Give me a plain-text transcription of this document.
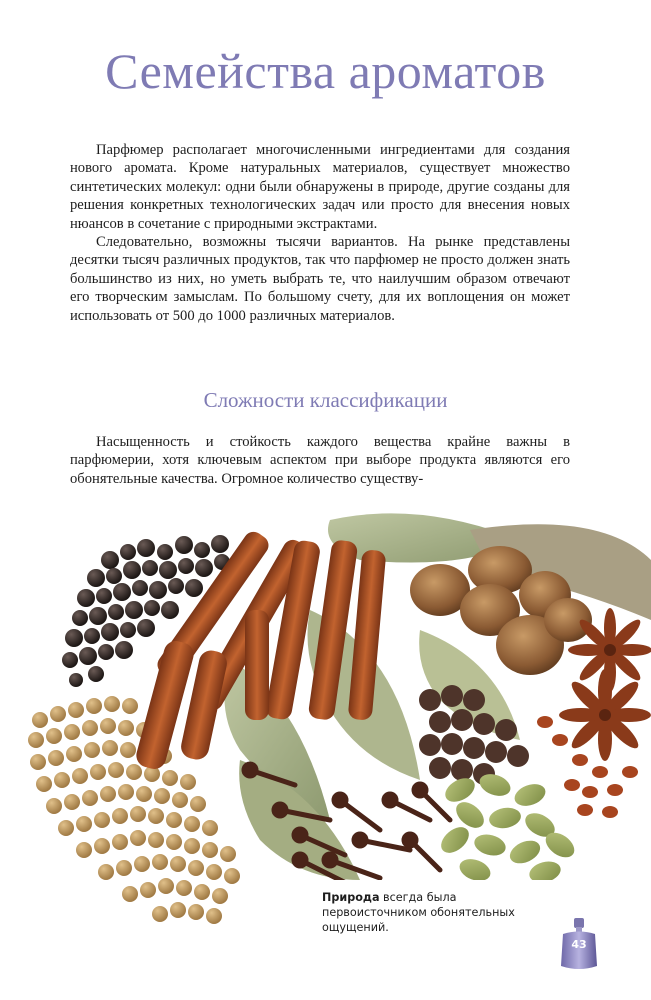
Семейства ароматов

Парфюмер располагает многочисленными ингредиентами для создания нового аромата. Кроме натуральных материалов, существует множество синтетических молекул: одни были обнаружены в природе, другие созданы для решения конкретных технологических задач или просто для внесения новых нюансов в сочетание с природными экстрактами.

Следовательно, возможны тысячи вариантов. На рынке представлены десятки тысяч различных продуктов, так что парфюмер не просто должен знать большинство из них, но уметь выбрать те, что наилучшим образом отвечают его творческим замыслам. По большому счету, для их воплощения он может использовать от 500 до 1000 различных материалов.

Сложности классификации

Насыщенность и стойкость каждого вещества крайне важны в парфюмерии, хотя ключевым аспектом при выборе продукта являются его обонятельные качества. Огромное количество существу-

Природа всегда была первоисточником обонятельных ощущений.
43
